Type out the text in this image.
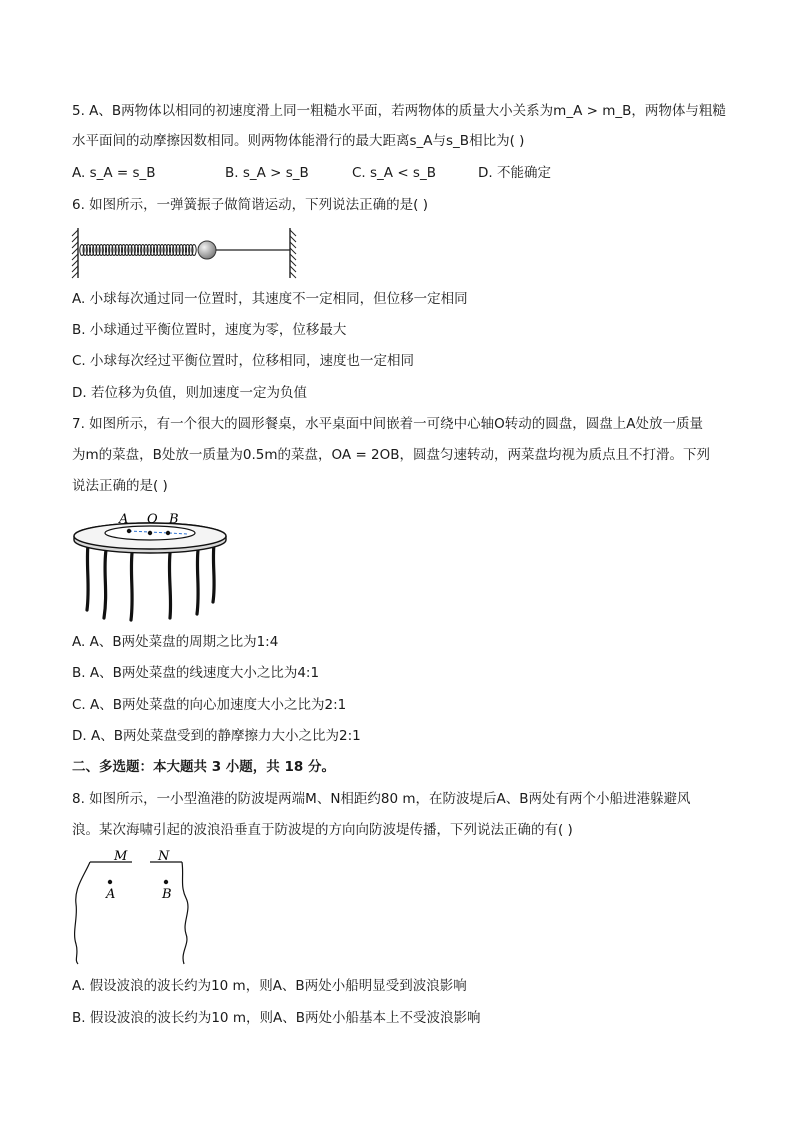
5. A、B两物体以相同的初速度滑上同一粗糙水平面，若两物体的质量大小关系为m_A > m_B，两物体与粗糙
水平面间的动摩擦因数相同。则两物体能滑行的最大距离s_A与s_B相比为( )
A. s_A = s_B	B. s_A > s_B	C. s_A < s_B	D. 不能确定
6. 如图所示，一弹簧振子做简谐运动，下列说法正确的是( )
A. 小球每次通过同一位置时，其速度不一定相同，但位移一定相同
B. 小球通过平衡位置时，速度为零，位移最大
C. 小球每次经过平衡位置时，位移相同，速度也一定相同
D. 若位移为负值，则加速度一定为负值
7. 如图所示，有一个很大的圆形餐桌，水平桌面中间嵌着一可绕中心轴O转动的圆盘，圆盘上A处放一质量
为m的菜盘，B处放一质量为0.5m的菜盘，OA = 2OB，圆盘匀速转动，两菜盘均视为质点且不打滑。下列
说法正确的是( )
A O B
A. A、B两处菜盘的周期之比为1:4
B. A、B两处菜盘的线速度大小之比为4:1
C. A、B两处菜盘的向心加速度大小之比为2:1
D. A、B两处菜盘受到的静摩擦力大小之比为2:1
二、多选题：本大题共 3 小题，共 18 分。
8. 如图所示，一小型渔港的防波堤两端M、N相距约80 m，在防波堤后A、B两处有两个小船进港躲避风
浪。某次海啸引起的波浪沿垂直于防波堤的方向向防波堤传播，下列说法正确的有( )
M N
A	B
A. 假设波浪的波长约为10 m，则A、B两处小船明显受到波浪影响
B. 假设波浪的波长约为10 m，则A、B两处小船基本上不受波浪影响
